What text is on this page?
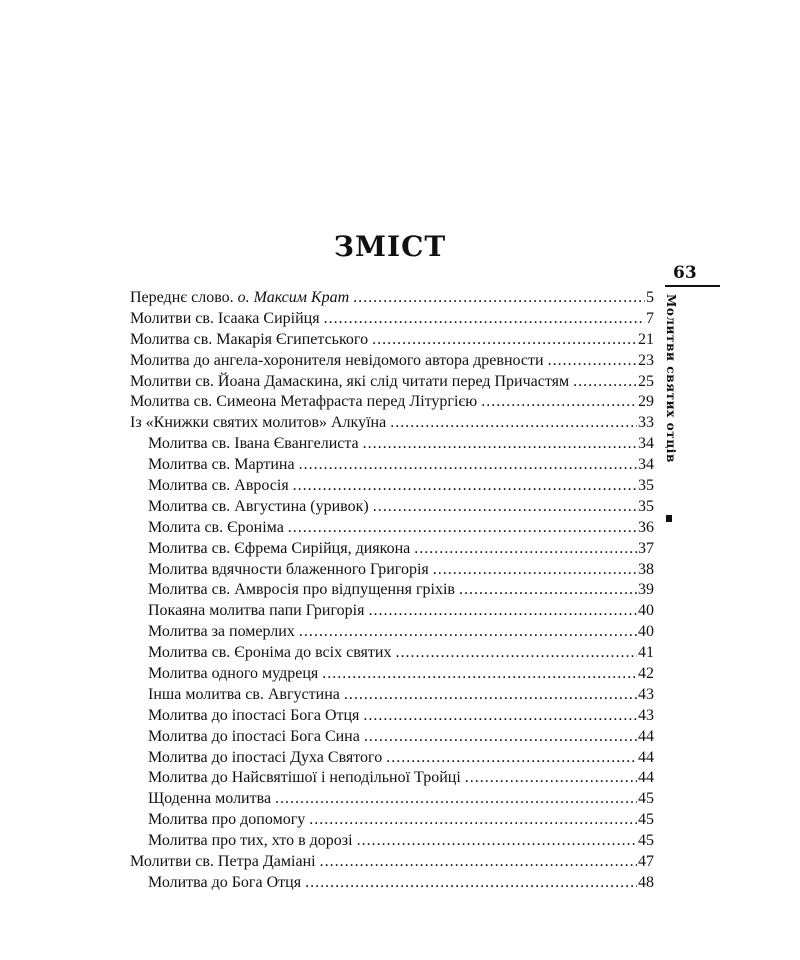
ЗМІСТ
63
Молитви святих отців
Переднє слово. о. Максим Крат .....	5
Молитви св. Ісаака Сирійця .....	7
Молитва св. Макарія Єгипетського .....	21
Молитва до ангела-хоронителя невідомого автора древности .....	23
Молитви св. Йоана Дамаскина, які слід читати перед Причастям .....	25
Молитва св. Симеона Метафраста перед Літургією .....	29
Із «Книжки святих молитов» Алкуїна .....	33
Молитва св. Івана Євангелиста .....	34
Молитва св. Мартина .....	34
Молитва св. Авросія .....	35
Молитва св. Августина (уривок) .....	35
Молита св. Єроніма .....	36
Молитва св. Єфрема Сирійця, диякона .....	37
Молитва вдячности блаженного Григорія .....	38
Молитва св. Амвросія про відпущення гріхів .....	39
Покаяна молитва папи Григорія .....	40
Молитва за померлих .....	40
Молитва св. Єроніма до всіх святих .....	41
Молитва одного мудреця .....	42
Інша молитва св. Августина .....	43
Молитва до іпостасі Бога Отця .....	43
Молитва до іпостасі Бога Сина .....	44
Молитва до іпостасі Духа Святого .....	44
Молитва до Найсвятішої і неподільної Тройці .....	44
Щоденна молитва .....	45
Молитва про допомогу .....	45
Молитва про тих, хто в дорозі .....	45
Молитви св. Петра Даміані .....	47
Молитва до Бога Отця .....	48
